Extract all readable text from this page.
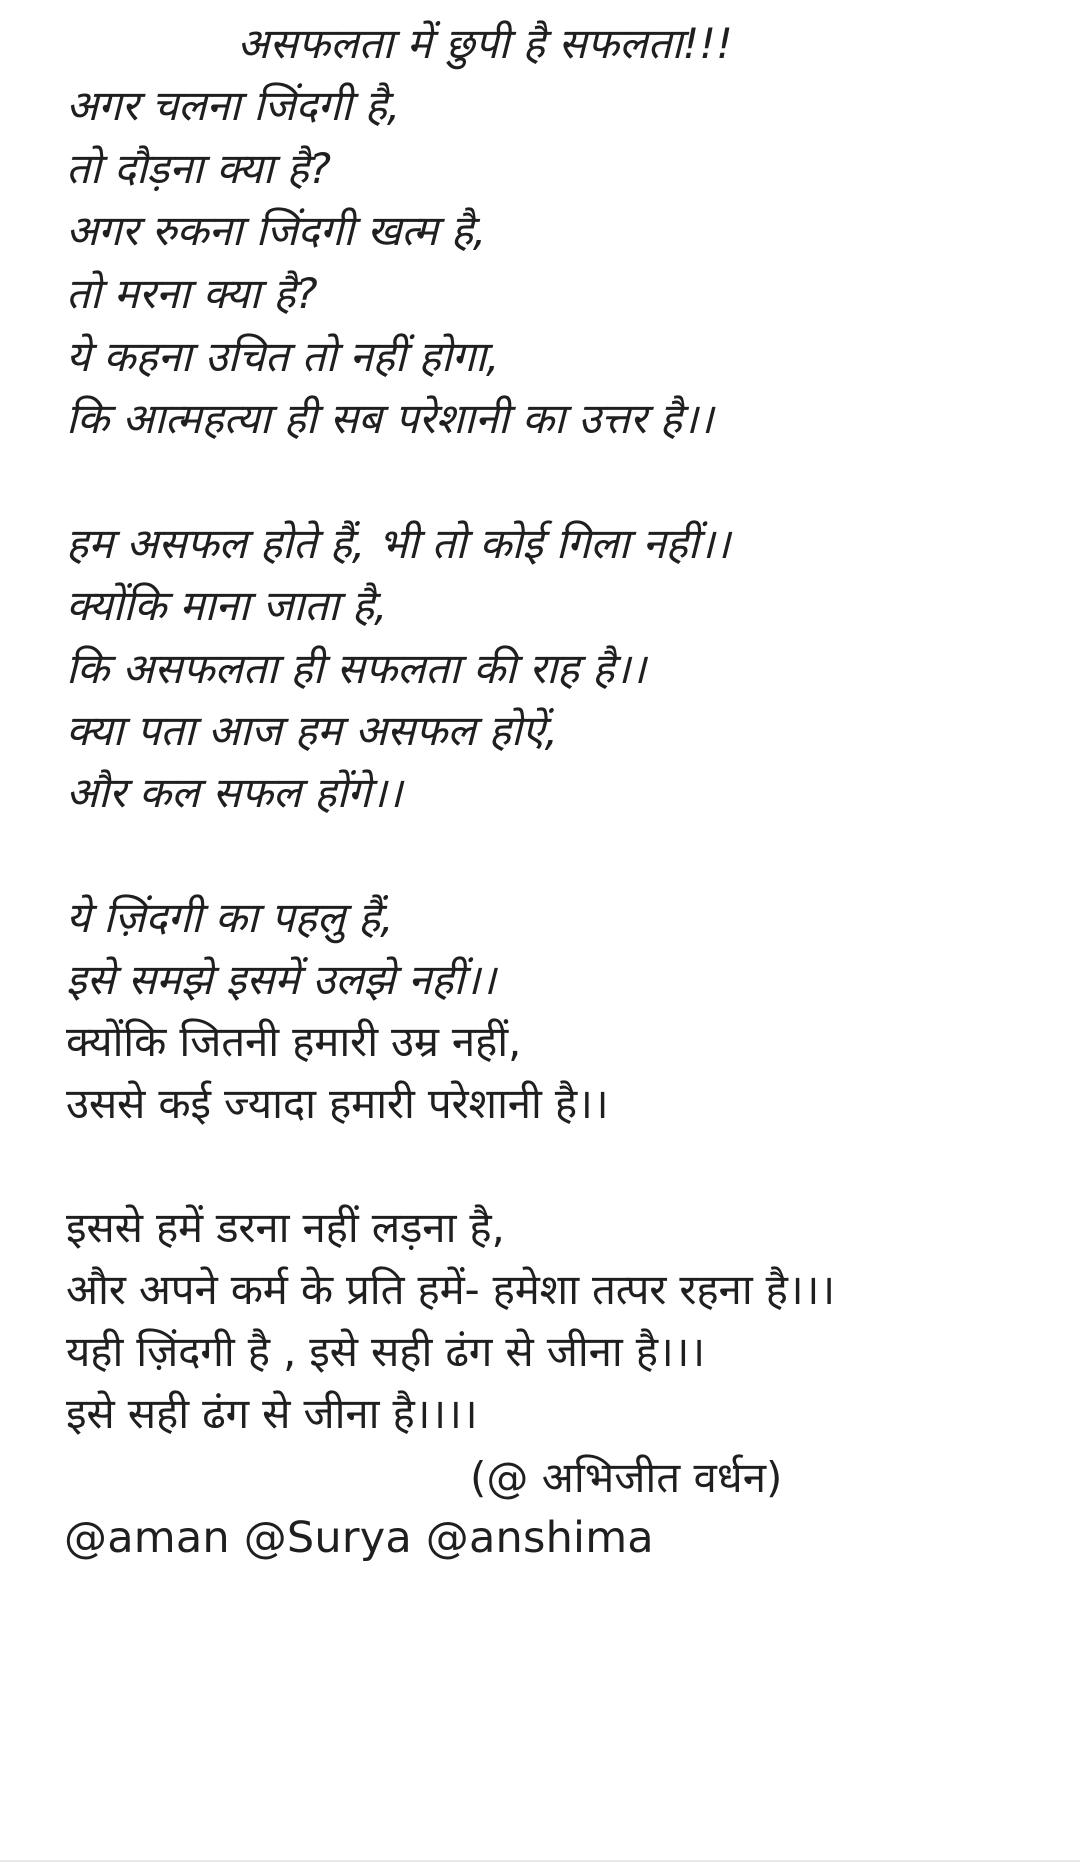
असफलता में छुपी है सफलता!!!
अगर चलना जिंदगी है,
तो दौड़ना क्या है?
अगर रुकना जिंदगी खत्म है,
तो मरना क्या है?
ये कहना उचित तो नहीं होगा,
कि आत्महत्या ही सब परेशानी का उत्तर है।।
हम असफल होते हैं, भी तो कोई गिला नहीं।।
क्योंकि माना जाता है,
कि असफलता ही सफलता की राह है।।
क्या पता आज हम असफल होऐं,
और कल सफल होंगे।।
ये ज़िंदगी का पहलु हैं,
इसे समझे इसमें उलझे नहीं।।
क्योंकि जितनी हमारी उम्र नहीं,
उससे कई ज्यादा हमारी परेशानी है।।
इससे हमें डरना नहीं लड़ना है,
और अपने कर्म के प्रति हमें- हमेशा तत्पर रहना है।।।
यही ज़िंदगी है , इसे सही ढंग से जीना है।।।
इसे सही ढंग से जीना है।।।।
(@ अभिजीत वर्धन)
@aman @Surya @anshima
